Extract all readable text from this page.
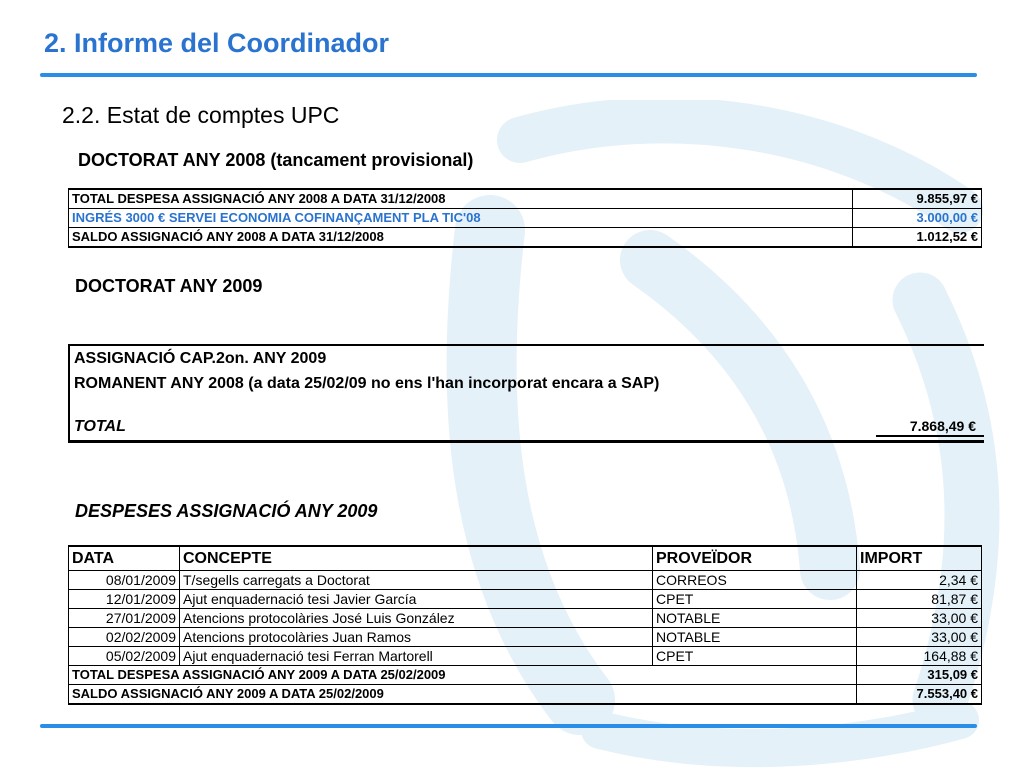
2. Informe del Coordinador
2.2. Estat de comptes UPC
DOCTORAT ANY 2008 (tancament provisional)
TOTAL DESPESA ASSIGNACIÓ ANY 2008 A DATA 31/12/2008	9.855,97 €
INGRÉS 3000 € SERVEI ECONOMIA COFINANÇAMENT PLA TIC'08	3.000,00 €
SALDO ASSIGNACIÓ ANY 2008 A DATA 31/12/2008	1.012,52 €
DOCTORAT ANY 2009
ASSIGNACIÓ CAP.2on. ANY 2009
ROMANENT ANY 2008 (a data 25/02/09 no ens l'han incorporat encara a SAP)
TOTAL	7.868,49 €
DESPESES ASSIGNACIÓ ANY 2009
DATA	CONCEPTE	PROVEÏDOR	IMPORT
08/01/2009	T/segells carregats a Doctorat	CORREOS	2,34 €
12/01/2009	Ajut enquadernació tesi Javier García	CPET	81,87 €
27/01/2009	Atencions protocolàries José Luis González	NOTABLE	33,00 €
02/02/2009	Atencions protocolàries Juan Ramos	NOTABLE	33,00 €
05/02/2009	Ajut enquadernació tesi Ferran Martorell	CPET	164,88 €
TOTAL DESPESA ASSIGNACIÓ ANY 2009 A DATA 25/02/2009			315,09 €
SALDO ASSIGNACIÓ ANY 2009 A DATA 25/02/2009			7.553,40 €
